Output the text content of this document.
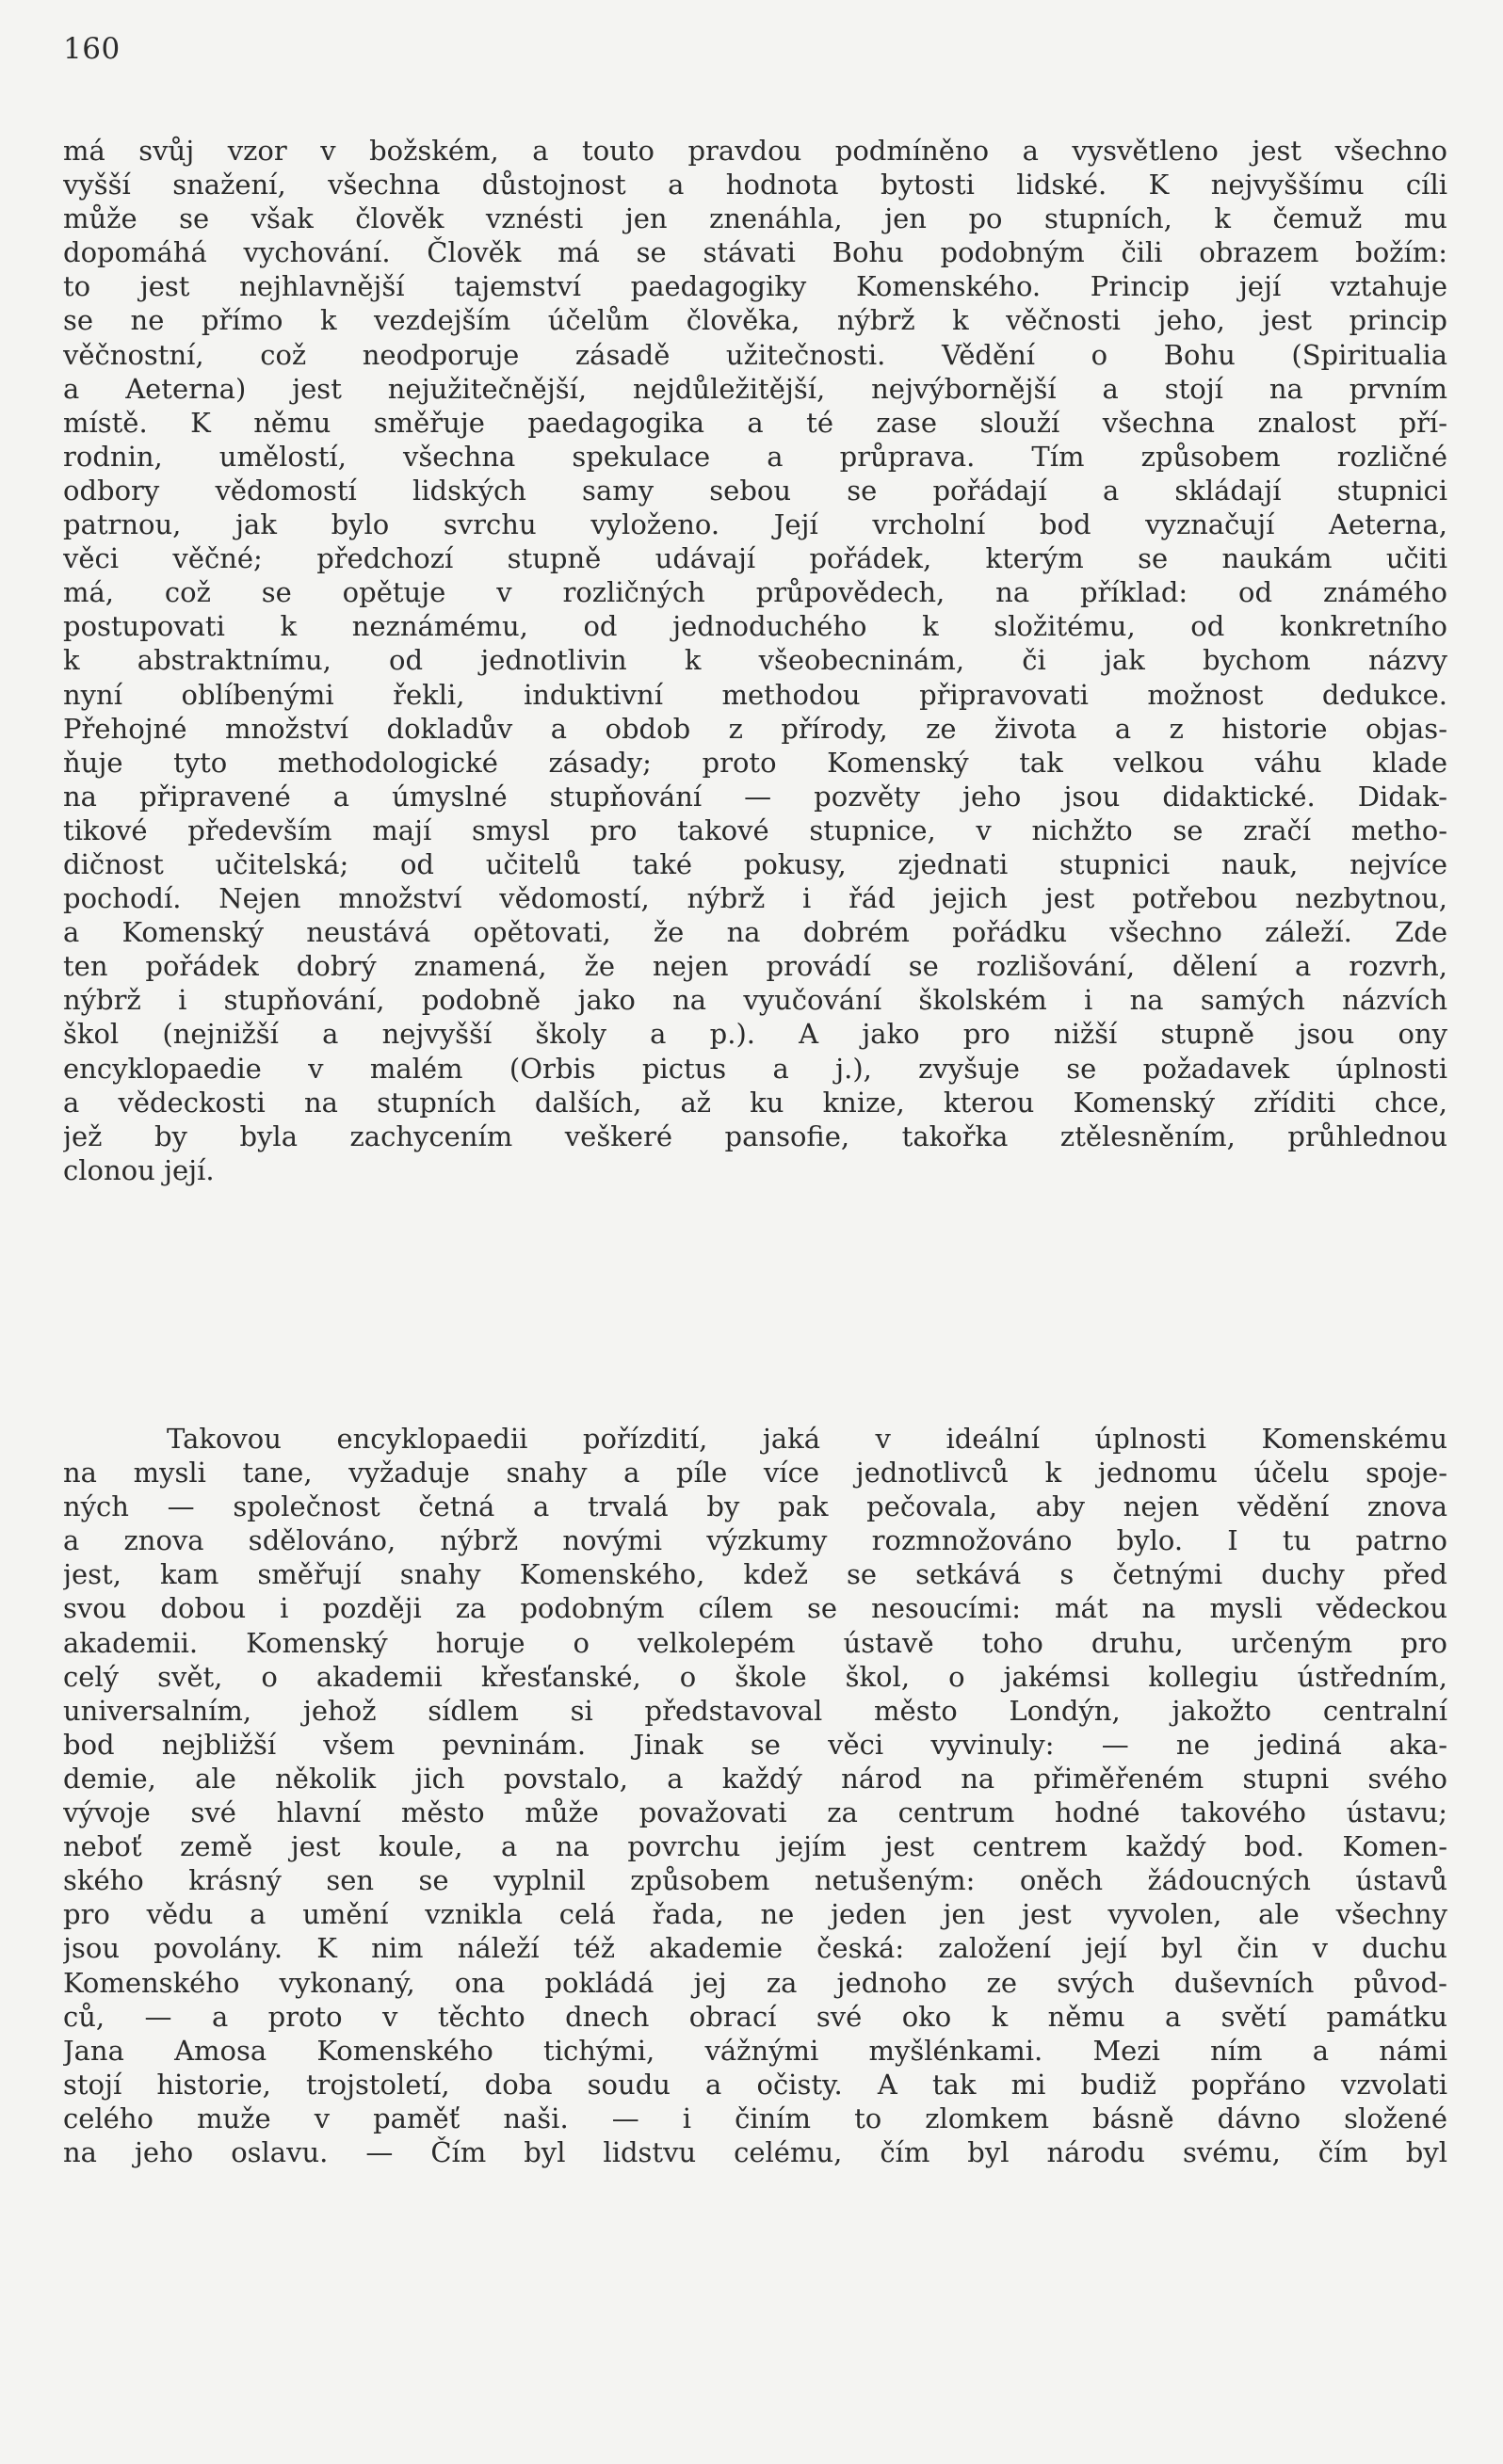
160
má svůj vzor v božském, a touto pravdou podmíněno a vysvětleno jest všechno
vyšší snažení, všechna důstojnost a hodnota bytosti lidské. K nejvyššímu cíli
může se však člověk vznésti jen znenáhla, jen po stupních, k čemuž mu
dopomáhá vychování. Člověk má se stávati Bohu podobným čili obrazem božím:
to jest nejhlavnější tajemství paedagogiky Komenského. Princip její vztahuje
se ne přímo k vezdejším účelům člověka, nýbrž k věčnosti jeho, jest princip
věčnostní, což neodporuje zásadě užitečnosti. Vědění o Bohu (Spiritualia
a Aeterna) jest nejužitečnější, nejdůležitější, nejvýbornější a stojí na prvním
místě. K němu směřuje paedagogika a té zase slouží všechna znalost pří-
rodnin, umělostí, všechna spekulace a průprava. Tím způsobem rozličné
odbory vědomostí lidských samy sebou se pořádají a skládají stupnici
patrnou, jak bylo svrchu vyloženo. Její vrcholní bod vyznačují Aeterna,
věci věčné; předchozí stupně udávají pořádek, kterým se naukám učiti
má, což se opětuje v rozličných průpovědech, na příklad: od známého
postupovati k neznámému, od jednoduchého k složitému, od konkretního
k abstraktnímu, od jednotlivin k všeobecninám, či jak bychom názvy
nyní oblíbenými řekli, induktivní methodou připravovati možnost dedukce.
Přehojné množství dokladův a obdob z přírody, ze života a z historie objas-
ňuje tyto methodologické zásady; proto Komenský tak velkou váhu klade
na připravené a úmyslné stupňování — pozvěty jeho jsou didaktické. Didak-
tikové především mají smysl pro takové stupnice, v nichžto se zračí metho-
dičnost učitelská; od učitelů také pokusy, zjednati stupnici nauk, nejvíce
pochodí. Nejen množství vědomostí, nýbrž i řád jejich jest potřebou nezbytnou,
a Komenský neustává opětovati, že na dobrém pořádku všechno záleží. Zde
ten pořádek dobrý znamená, že nejen provádí se rozlišování, dělení a rozvrh,
nýbrž i stupňování, podobně jako na vyučování školském i na samých názvích
škol (nejnižší a nejvyšší školy a p.). A jako pro nižší stupně jsou ony
encyklopaedie v malém (Orbis pictus a j.), zvyšuje se požadavek úplnosti
a vědeckosti na stupních dalších, až ku knize, kterou Komenský zříditi chce,
jež by byla zachycením veškeré pansofie, takořka ztělesněním, průhlednou
clonou její.
Takovou encyklopaedii pořízdití, jaká v ideální úplnosti Komenskému
na mysli tane, vyžaduje snahy a píle více jednotlivců k jednomu účelu spoje-
ných — společnost četná a trvalá by pak pečovala, aby nejen vědění znova
a znova sdělováno, nýbrž novými výzkumy rozmnožováno bylo. I tu patrno
jest, kam směřují snahy Komenského, kdež se setkává s četnými duchy před
svou dobou i později za podobným cílem se nesoucími: mát na mysli vědeckou
akademii. Komenský horuje o velkolepém ústavě toho druhu, určeným pro
celý svět, o akademii křesťanské, o škole škol, o jakémsi kollegiu ústředním,
universalním, jehož sídlem si představoval město Londýn, jakožto centralní
bod nejbližší všem pevninám. Jinak se věci vyvinuly: — ne jediná aka-
demie, ale několik jich povstalo, a každý národ na přiměřeném stupni svého
vývoje své hlavní město může považovati za centrum hodné takového ústavu;
neboť země jest koule, a na povrchu jejím jest centrem každý bod. Komen-
ského krásný sen se vyplnil způsobem netušeným: oněch žádoucných ústavů
pro vědu a umění vznikla celá řada, ne jeden jen jest vyvolen, ale všechny
jsou povolány. K nim náleží též akademie česká: založení její byl čin v duchu
Komenského vykonaný, ona pokládá jej za jednoho ze svých duševních původ-
ců, — a proto v těchto dnech obrací své oko k němu a světí památku
Jana Amosa Komenského tichými, vážnými myšlénkami. Mezi ním a námi
stojí historie, trojstoletí, doba soudu a očisty. A tak mi budiž popřáno vzvolati
celého muže v paměť naši. — i činím to zlomkem básně dávno složené
na jeho oslavu. — Čím byl lidstvu celému, čím byl národu svému, čím byl
